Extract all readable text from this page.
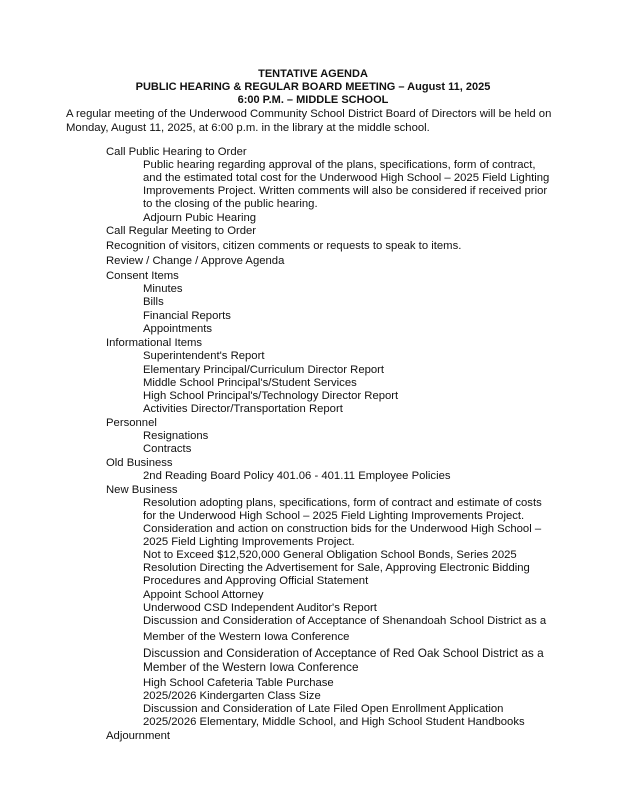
TENTATIVE AGENDA
PUBLIC HEARING & REGULAR BOARD MEETING – August 11, 2025
6:00 P.M. – MIDDLE SCHOOL
A regular meeting of the Underwood Community School District Board of Directors will be held on Monday, August 11, 2025, at 6:00 p.m. in the library at the middle school.
Call Public Hearing to Order
Public hearing regarding approval of the plans, specifications, form of contract,
and the estimated total cost for the Underwood High School – 2025 Field Lighting
Improvements Project. Written comments will also be considered if received prior
to the closing of the public hearing.
Adjourn Pubic Hearing
Call Regular Meeting to Order
Recognition of visitors, citizen comments or requests to speak to items.
Review / Change / Approve Agenda
Consent Items
Minutes
Bills
Financial Reports
Appointments
Informational Items
Superintendent's Report
Elementary Principal/Curriculum Director Report
Middle School Principal's/Student Services
High School Principal's/Technology Director Report
Activities Director/Transportation Report
Personnel
Resignations
Contracts
Old Business
2nd Reading Board Policy 401.06 - 401.11 Employee Policies
New Business
Resolution adopting plans, specifications, form of contract and estimate of costs
for the Underwood High School – 2025 Field Lighting Improvements Project.
Consideration and action on construction bids for the Underwood High School –
2025 Field Lighting Improvements Project.
Not to Exceed $12,520,000 General Obligation School Bonds, Series 2025
Resolution Directing the Advertisement for Sale, Approving Electronic Bidding
Procedures and Approving Official Statement
Appoint School Attorney
Underwood CSD Independent Auditor's Report
Discussion and Consideration of Acceptance of Shenandoah School District as a
Member of the Western Iowa Conference
Discussion and Consideration of Acceptance of Red Oak School District as a
Member of the Western Iowa Conference
High School Cafeteria Table Purchase
2025/2026 Kindergarten Class Size
Discussion and Consideration of Late Filed Open Enrollment Application
2025/2026 Elementary, Middle School, and High School Student Handbooks
Adjournment
